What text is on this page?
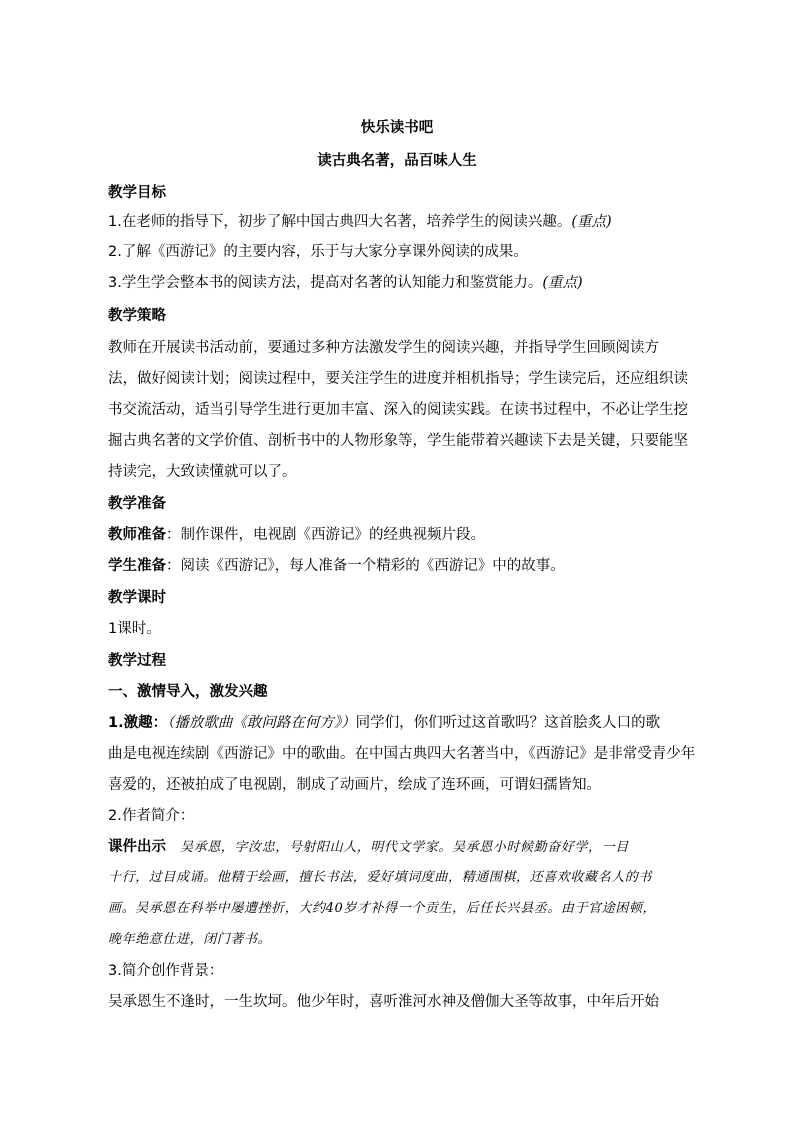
快乐读书吧
读古典名著，品百味人生
教学目标
1.在老师的指导下，初步了解中国古典四大名著，培养学生的阅读兴趣。(重点)
2.了解《西游记》的主要内容，乐于与大家分享课外阅读的成果。
3.学生学会整本书的阅读方法，提高对名著的认知能力和鉴赏能力。(重点)
教学策略
教师在开展读书活动前，要通过多种方法激发学生的阅读兴趣，并指导学生回顾阅读方
法，做好阅读计划；阅读过程中，要关注学生的进度并相机指导；学生读完后，还应组织读
书交流活动，适当引导学生进行更加丰富、深入的阅读实践。在读书过程中，不必让学生挖
掘古典名著的文学价值、剖析书中的人物形象等，学生能带着兴趣读下去是关键，只要能坚
持读完，大致读懂就可以了。
教学准备
教师准备：制作课件，电视剧《西游记》的经典视频片段。
学生准备：阅读《西游记》，每人准备一个精彩的《西游记》中的故事。
教学课时
1课时。
教学过程
一、激情导入，激发兴趣
1.激趣：（播放歌曲《敢问路在何方》）同学们，你们听过这首歌吗？这首脍炙人口的歌
曲是电视连续剧《西游记》中的歌曲。在中国古典四大名著当中，《西游记》是非常受青少年
喜爱的，还被拍成了电视剧，制成了动画片，绘成了连环画，可谓妇孺皆知。
2.作者简介：
课件出示 吴承恩，字汝忠，号射阳山人，明代文学家。吴承恩小时候勤奋好学，一目
十行，过目成诵。他精于绘画，擅长书法，爱好填词度曲，精通围棋，还喜欢收藏名人的书
画。吴承恩在科举中屡遭挫折，大约40岁才补得一个贡生，后任长兴县丞。由于官途困顿，
晚年绝意仕进，闭门著书。
3.简介创作背景：
吴承恩生不逢时，一生坎坷。他少年时，喜听淮河水神及僧伽大圣等故事，中年后开始
